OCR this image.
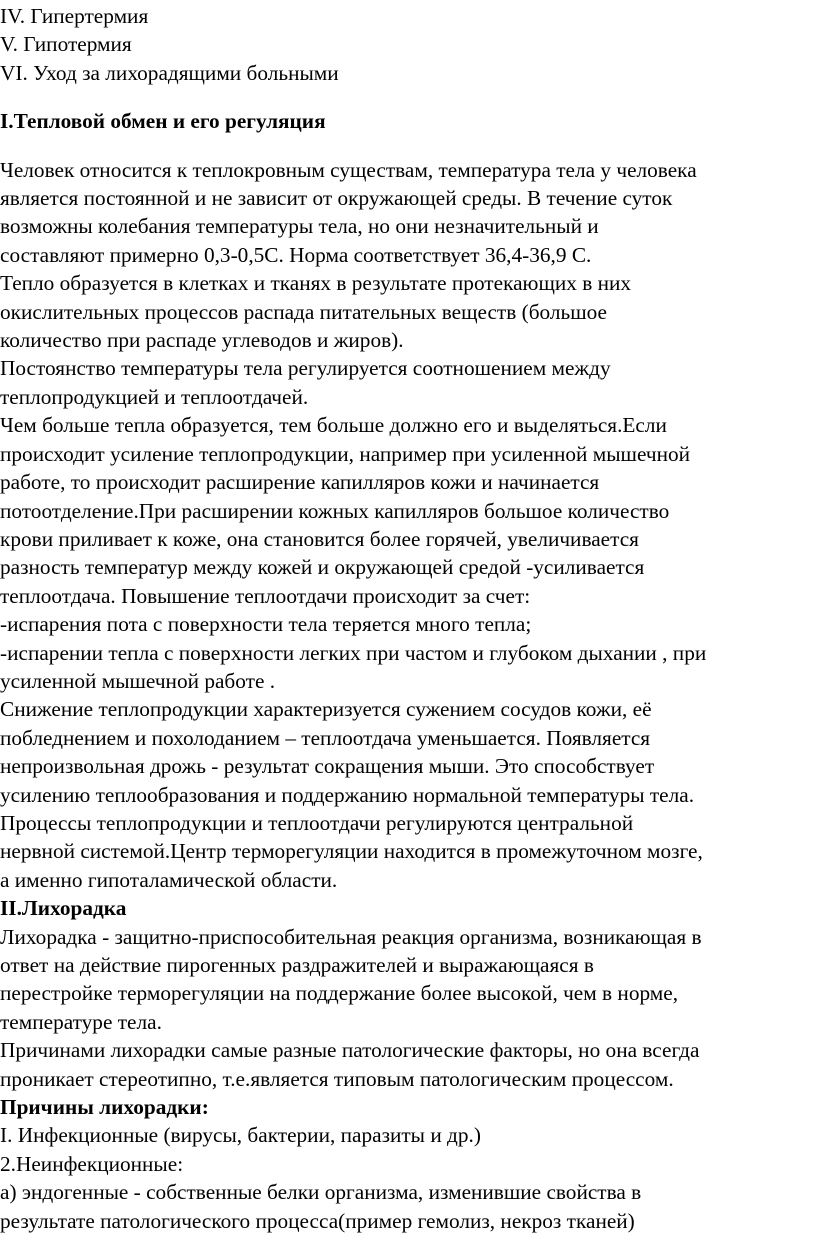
IV. Гипертермия
V. Гипотермия
VI. Уход за лихорадящими больными
I.Тепловой обмен и его регуляция
Человек относится к теплокровным существам, температура тела у человека
является постоянной и не зависит от окружающей среды. В течение суток
возможны колебания температуры тела, но они незначительный и
составляют примерно 0,3-0,5С. Норма соответствует 36,4-36,9 С.
Тепло образуется в клетках и тканях в результате протекающих в них
окислительных процессов распада питательных веществ (большое
количество при распаде углеводов и жиров).
Постоянство температуры тела регулируется соотношением между
теплопродукцией и теплоотдачей.
Чем больше тепла образуется, тем больше должно его и выделяться.Если
происходит усиление теплопродукции, например при усиленной мышечной
работе, то происходит расширение капилляров кожи и начинается
потоотделение.При расширении кожных капилляров большое количество
крови приливает к коже, она становится более горячей, увеличивается
разность температур между кожей и окружающей средой -усиливается
теплоотдача. Повышение теплоотдачи происходит за счет:
-испарения пота с поверхности тела теряется много тепла;
-испарении тепла с поверхности легких при частом и глубоком дыхании , при
усиленной мышечной работе .
Снижение теплопродукции характеризуется сужением сосудов кожи, её
побледнением и похолоданием – теплоотдача уменьшается. Появляется
непроизвольная дрожь - результат сокращения мыши. Это способствует
усилению теплообразования и поддержанию нормальной температуры тела.
Процессы теплопродукции и теплоотдачи регулируются центральной
нервной системой.Центр терморегуляции находится в промежуточном мозге,
а именно гипоталамической области.
II.Лихорадка
Лихорадка - защитно-приспособительная реакция организма, возникающая в
ответ на действие пирогенных раздражителей и выражающаяся в
перестройке терморегуляции на поддержание более высокой, чем в норме,
температуре тела.
Причинами лихорадки самые разные патологические факторы, но она всегда
проникает стереотипно, т.е.является типовым патологическим процессом.
Причины лихорадки:
I. Инфекционные (вирусы, бактерии, паразиты и др.)
2.Неинфекционные:
а) эндогенные - собственные белки организма, изменившие свойства в
результате патологического процесса(пример гемолиз, некроз тканей)
